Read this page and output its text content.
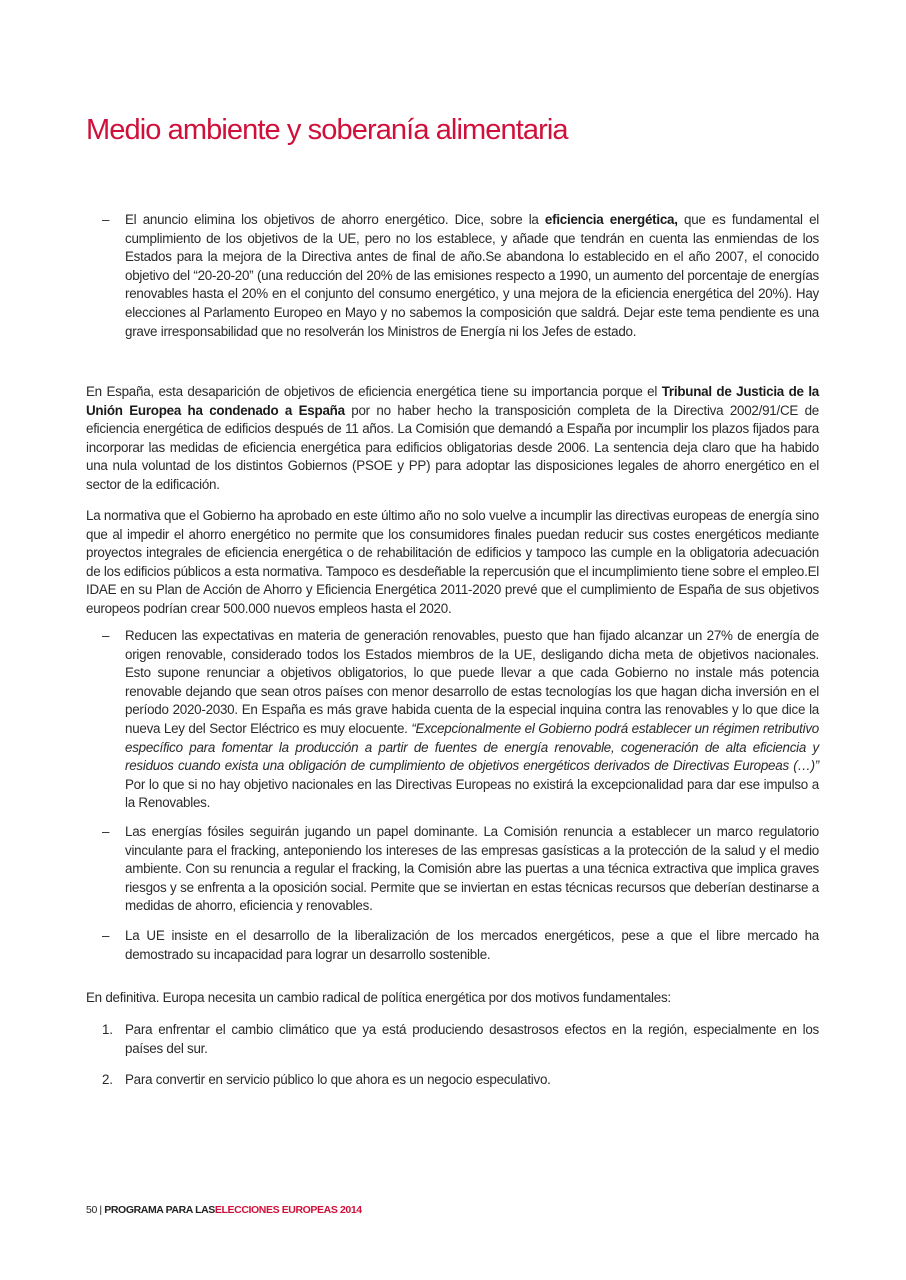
Medio ambiente y soberanía alimentaria
–	El anuncio elimina los objetivos de ahorro energético. Dice, sobre la eficiencia energética, que es fundamental el cumplimiento de los objetivos de la UE, pero no los establece, y añade que tendrán en cuenta las enmiendas de los Estados para la mejora de la Directiva antes de final de año.Se abandona lo establecido en el año 2007, el conocido objetivo del “20-20-20” (una reducción del 20% de las emisiones respecto a 1990, un aumento del porcentaje de energías renovables hasta el 20% en el conjunto del consumo energético, y una mejora de la eficiencia energética del 20%). Hay elecciones al Parlamento Europeo en Mayo y no sabemos la composición que saldrá. Dejar este tema pendiente es una grave irresponsabilidad que no resolverán los Ministros de Energía ni los Jefes de estado.

En España, esta desaparición de objetivos de eficiencia energética tiene su importancia porque el Tribunal de Justicia de la Unión Europea ha condenado a España por no haber hecho la transposición completa de la Directiva 2002/91/CE de eficiencia energética de edificios después de 11 años. La Comisión que demandó a España por incumplir los plazos fijados para incorporar las medidas de eficiencia energética para edificios obligatorias desde 2006. La sentencia deja claro que ha habido una nula voluntad de los distintos Gobiernos (PSOE y PP) para adoptar las disposiciones legales de ahorro energético en el sector de la edificación.

La normativa que el Gobierno ha aprobado en este último año no solo vuelve a incumplir las directivas europeas de energía sino que al impedir el ahorro energético no permite que los consumidores finales puedan reducir sus costes energéticos mediante proyectos integrales de eficiencia energética o de rehabilitación de edificios y tampoco las cumple en la obligatoria adecuación de los edificios públicos a esta normativa. Tampoco es desdeñable la repercusión que el incumplimiento tiene sobre el empleo.El IDAE en su Plan de Acción de Ahorro y Eficiencia Energética 2011-2020 prevé que el cumplimiento de España de sus objetivos europeos podrían crear 500.000 nuevos empleos hasta el 2020.

–	Reducen las expectativas en materia de generación renovables, puesto que han fijado alcanzar un 27% de energía de origen renovable, considerado todos los Estados miembros de la UE, desligando dicha meta de objetivos nacionales. Esto supone renunciar a objetivos obligatorios, lo que puede llevar a que cada Gobierno no instale más potencia renovable dejando que sean otros países con menor desarrollo de estas tecnologías los que hagan dicha inversión en el período 2020-2030. En España es más grave habida cuenta de la especial inquina contra las renovables y lo que dice la nueva Ley del Sector Eléctrico es muy elocuente. “Excepcionalmente el Gobierno podrá establecer un régimen retributivo específico para fomentar la producción a partir de fuentes de energía renovable, cogeneración de alta eficiencia y residuos cuando exista una obligación de cumplimiento de objetivos energéticos derivados de Directivas Europeas (…)” Por lo que si no hay objetivo nacionales en las Directivas Europeas no existirá la excepcionalidad para dar ese impulso a la Renovables.
–	Las energías fósiles seguirán jugando un papel dominante. La Comisión renuncia a establecer un marco regulatorio vinculante para el fracking, anteponiendo los intereses de las empresas gasísticas a la protección de la salud y el medio ambiente. Con su renuncia a regular el fracking, la Comisión abre las puertas a una técnica extractiva que implica graves riesgos y se enfrenta a la oposición social. Permite que se inviertan en estas técnicas recursos que deberían destinarse a medidas de ahorro, eficiencia y renovables.
–	La UE insiste en el desarrollo de la liberalización de los mercados energéticos, pese a que el libre mercado ha demostrado su incapacidad para lograr un desarrollo sostenible.

En definitiva. Europa necesita un cambio radical de política energética por dos motivos fundamentales:

1. Para enfrentar el cambio climático que ya está produciendo desastrosos efectos en la región, especialmente en los países del sur.
2. Para convertir en servicio público lo que ahora es un negocio especulativo.
50 | PROGRAMA PARA LASELECCIONES EUROPEAS 2014
